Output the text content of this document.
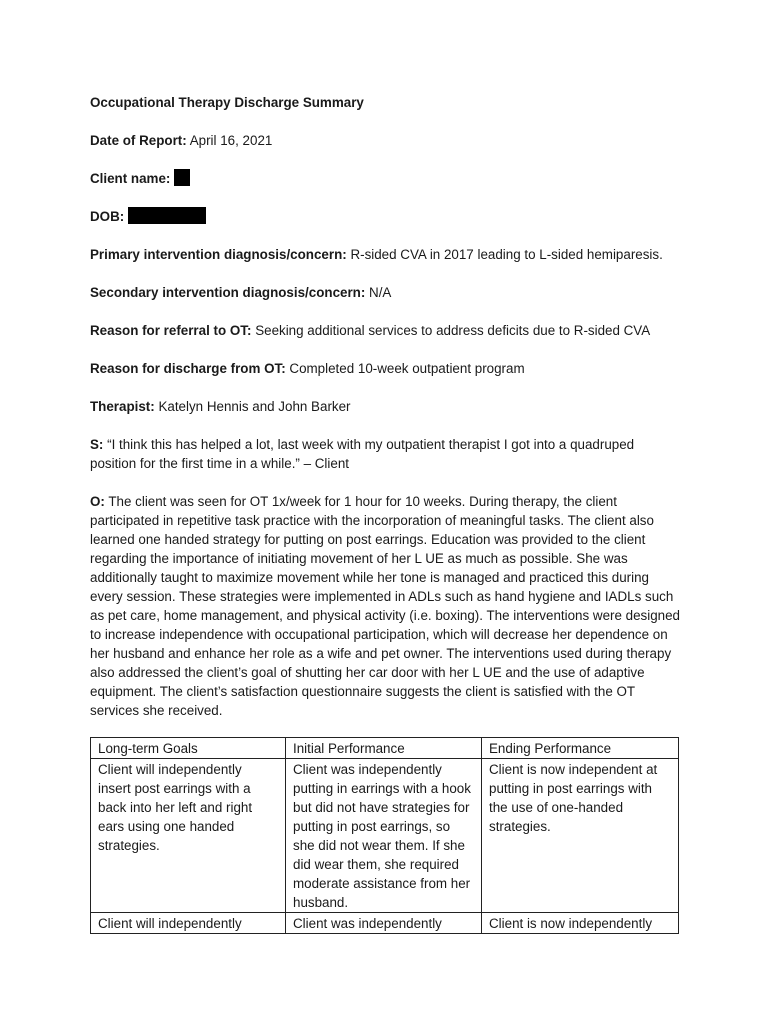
Occupational Therapy Discharge Summary
Date of Report: April 16, 2021
Client name:
DOB:
Primary intervention diagnosis/concern: R-sided CVA in 2017 leading to L-sided hemiparesis.
Secondary intervention diagnosis/concern: N/A
Reason for referral to OT: Seeking additional services to address deficits due to R-sided CVA
Reason for discharge from OT: Completed 10-week outpatient program
Therapist: Katelyn Hennis and John Barker
S: “I think this has helped a lot, last week with my outpatient therapist I got into a quadruped position for the first time in a while.” – Client
O: The client was seen for OT 1x/week for 1 hour for 10 weeks. During therapy, the client participated in repetitive task practice with the incorporation of meaningful tasks. The client also learned one handed strategy for putting on post earrings. Education was provided to the client regarding the importance of initiating movement of her L UE as much as possible. She was additionally taught to maximize movement while her tone is managed and practiced this during every session. These strategies were implemented in ADLs such as hand hygiene and IADLs such as pet care, home management, and physical activity (i.e. boxing). The interventions were designed to increase independence with occupational participation, which will decrease her dependence on her husband and enhance her role as a wife and pet owner. The interventions used during therapy also addressed the client’s goal of shutting her car door with her L UE and the use of adaptive equipment. The client’s satisfaction questionnaire suggests the client is satisfied with the OT services she received.
Long-term Goals	Initial Performance	Ending Performance
Client will independently insert post earrings with a back into her left and right ears using one handed strategies.	Client was independently putting in earrings with a hook but did not have strategies for putting in post earrings, so she did not wear them. If she did wear them, she required moderate assistance from her husband.	Client is now independent at putting in post earrings with the use of one-handed strategies.
Client will independently	Client was independently	Client is now independently
